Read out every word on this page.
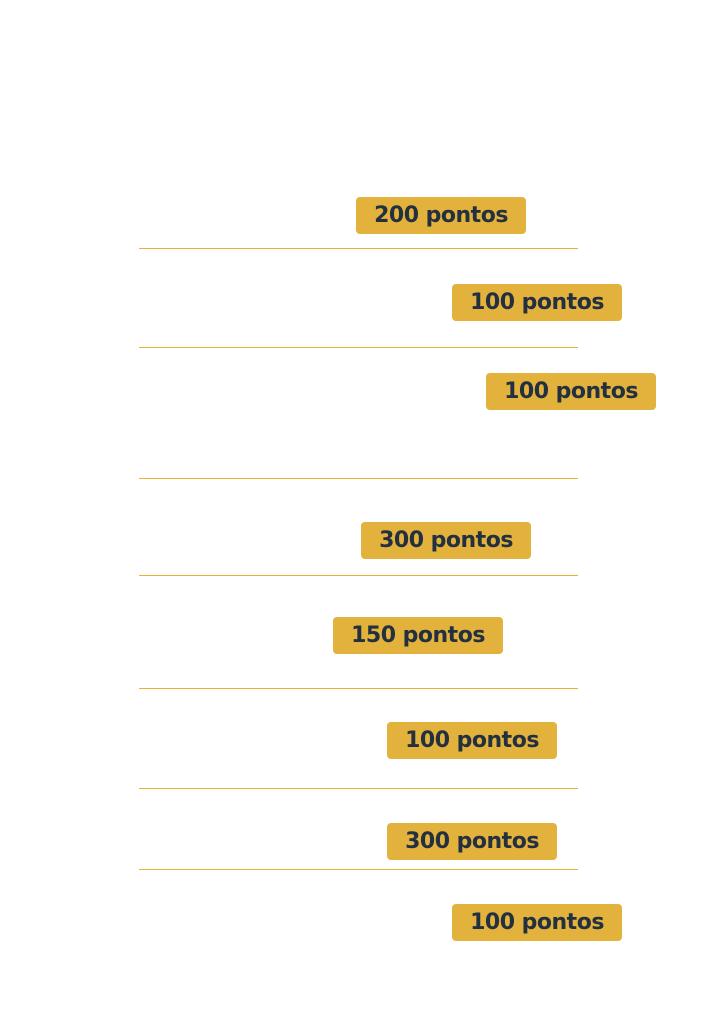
200 pontos
100 pontos
100 pontos
300 pontos
150 pontos
100 pontos
300 pontos
100 pontos
